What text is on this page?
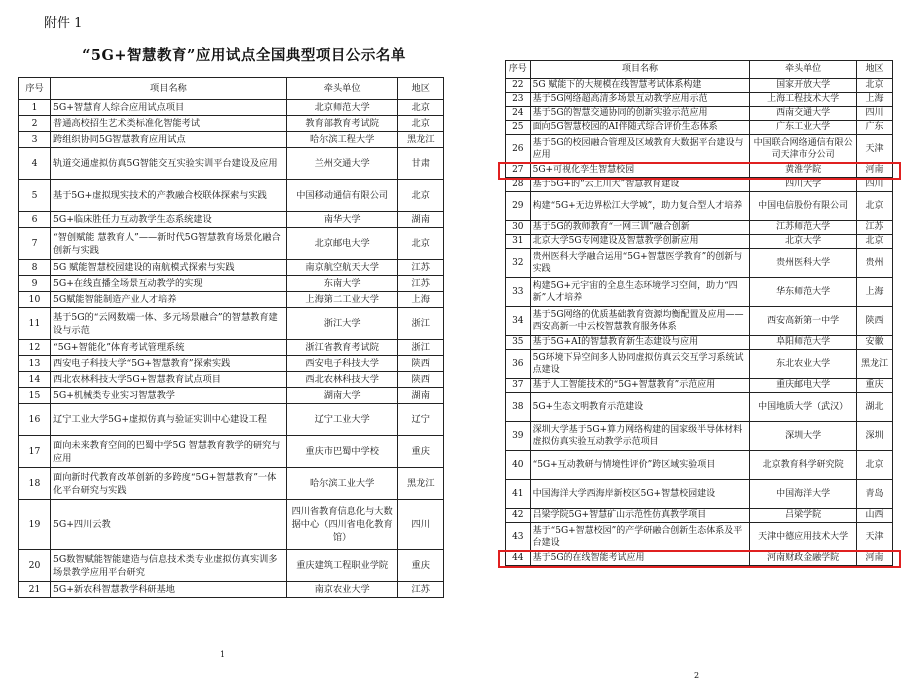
附件 1
“5G+智慧教育”应用试点全国典型项目公示名单
序号	项目名称	牵头单位	地区
1	5G+智慧育人综合应用试点项目	北京师范大学	北京
2	普通高校招生艺术类标准化智能考试	教育部教育考试院	北京
3	跨组织协同5G智慧教育应用试点	哈尔滨工程大学	黑龙江
4	轨道交通虚拟仿真5G智能交互实验实训平台建设及应用	兰州交通大学	甘肃
5	基于5G+虚拟现实技术的产教融合校联体探索与实践	中国移动通信有限公司	北京
6	5G+临床胜任力互动教学生态系统建设	南华大学	湖南
7	“智创赋能 慧教育人”——新时代5G智慧教育场景化融合创新与实践	北京邮电大学	北京
8	5G 赋能智慧校园建设的南航模式探索与实践	南京航空航天大学	江苏
9	5G+在线直播全场景互动教学的实现	东南大学	江苏
10	5G赋能智能制造产业人才培养	上海第二工业大学	上海
11	基于5G的“云网数端一体、多元场景融合”的智慧教育建设与示范	浙江大学	浙江
12	“5G+智能化”体育考试管理系统	浙江省教育考试院	浙江
13	西安电子科技大学“5G+智慧教育”探索实践	西安电子科技大学	陕西
14	西北农林科技大学5G+智慧教育试点项目	西北农林科技大学	陕西
15	5G+机械类专业实习智慧教学	湖南大学	湖南
16	辽宁工业大学5G+虚拟仿真与验证实训中心建设工程	辽宁工业大学	辽宁
17	面向未来教育空间的巴蜀中学5G 智慧教育教学的研究与应用	重庆市巴蜀中学校	重庆
18	面向新时代教育改革创新的多跨度“5G+智慧教育”一体化平台研究与实践	哈尔滨工业大学	黑龙江
19	5G+四川云教	四川省教育信息化与大数据中心（四川省电化教育馆）	四川
20	5G数智赋能智能建造与信息技术类专业虚拟仿真实训多场景教学应用平台研究	重庆建筑工程职业学院	重庆
21	5G+新农科智慧教学科研基地	南京农业大学	江苏
序号	项目名称	牵头单位	地区
22	5G 赋能下的大规模在线智慧考试体系构建	国家开放大学	北京
23	基于5G网络超高清多场景互动教学应用示范	上海工程技术大学	上海
24	基于5G的智慧交通协同的创新实验示范应用	西南交通大学	四川
25	面向5G智慧校园的AI伴随式综合评价生态体系	广东工业大学	广东
26	基于5G的校园融合管理及区域教育大数据平台建设与应用	中国联合网络通信有限公司天津市分公司	天津
27	5G+可视化孪生智慧校园	黄淮学院	河南
28	基于5G+的“云上川大”智慧教育建设	四川大学	四川
29	构建“5G+无边界松江大学城”，助力复合型人才培养	中国电信股份有限公司	北京
30	基于5G的教师教育“一网三训”融合创新	江苏师范大学	江苏
31	北京大学5G专网建设及智慧教学创新应用	北京大学	北京
32	贵州医科大学融合运用“5G+智慧医学教育”的创新与实践	贵州医科大学	贵州
33	构建5G+元宇宙的全息生态环境学习空间，助力“四新”人才培养	华东师范大学	上海
34	基于5G网络的优质基础教育资源均衡配置及应用——西安高新一中云校智慧教育服务体系	西安高新第一中学	陕西
35	基于5G+AI的智慧教育新生态建设与应用	阜阳师范大学	安徽
36	5G环境下异空间多人协同虚拟仿真云交互学习系统试点建设	东北农业大学	黑龙江
37	基于人工智能技术的“5G+智慧教育”示范应用	重庆邮电大学	重庆
38	5G+生态文明教育示范建设	中国地质大学（武汉）	湖北
39	深圳大学基于5G+算力网络构建的国家级半导体材料虚拟仿真实验互动教学示范项目	深圳大学	深圳
40	“5G+互动教研与情境性评价”跨区域实验项目	北京教育科学研究院	北京
41	中国海洋大学西海岸新校区5G+智慧校园建设	中国海洋大学	青岛
42	吕梁学院5G+智慧矿山示范性仿真教学项目	吕梁学院	山西
43	基于“5G+智慧校园”的产学研融合创新生态体系及平台建设	天津中德应用技术大学	天津
44	基于5G的在线智能考试应用	河南财政金融学院	河南
1
2
